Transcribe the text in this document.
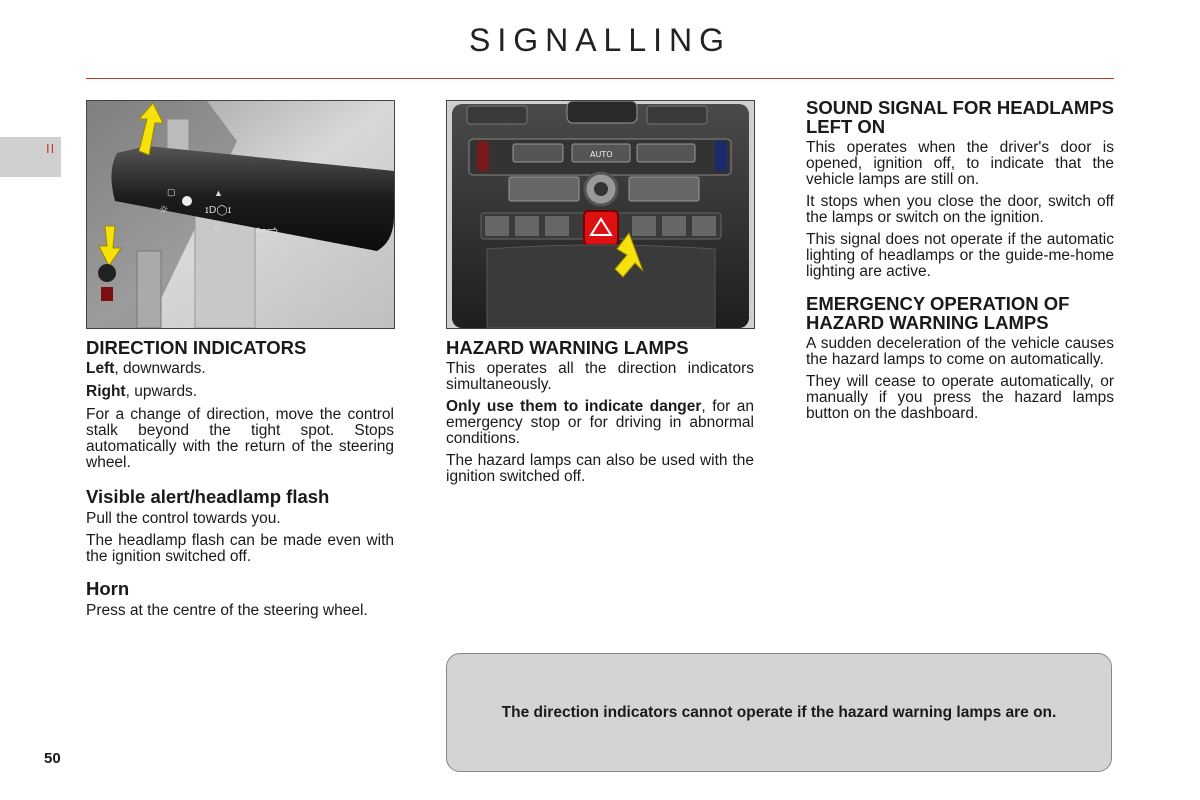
SIGNALLING
II
☼	ɪD◯ɪ
▲
▽ ⇦⇨
▢
AUTO
DIRECTION INDICATORS

Left, downwards.

Right, upwards.

For a change of direction, move the control stalk beyond the tight spot. Stops automatically with the return of the steering wheel.

Visible alert/headlamp flash

Pull the control towards you.

The headlamp flash can be made even with the ignition switched off.

Horn

Press at the centre of the steering wheel.

HAZARD WARNING LAMPS

This operates all the direction indicators simultaneously.

Only use them to indicate danger, for an emergency stop or for driving in abnormal conditions.

The hazard lamps can also be used with the ignition switched off.

SOUND SIGNAL FOR HEADLAMPS LEFT ON

This operates when the driver's door is opened, ignition off, to indicate that the vehicle lamps are still on.

It stops when you close the door, switch off the lamps or switch on the ignition.

This signal does not operate if the automatic lighting of headlamps or the guide-me-home lighting are active.

EMERGENCY OPERATION OF HAZARD WARNING LAMPS

A sudden deceleration of the vehicle causes the hazard lamps to come on automatically.

They will cease to operate automatically, or manually if you press the hazard lamps button on the dashboard.

The direction indicators cannot operate if the hazard warning lamps are on.
50
